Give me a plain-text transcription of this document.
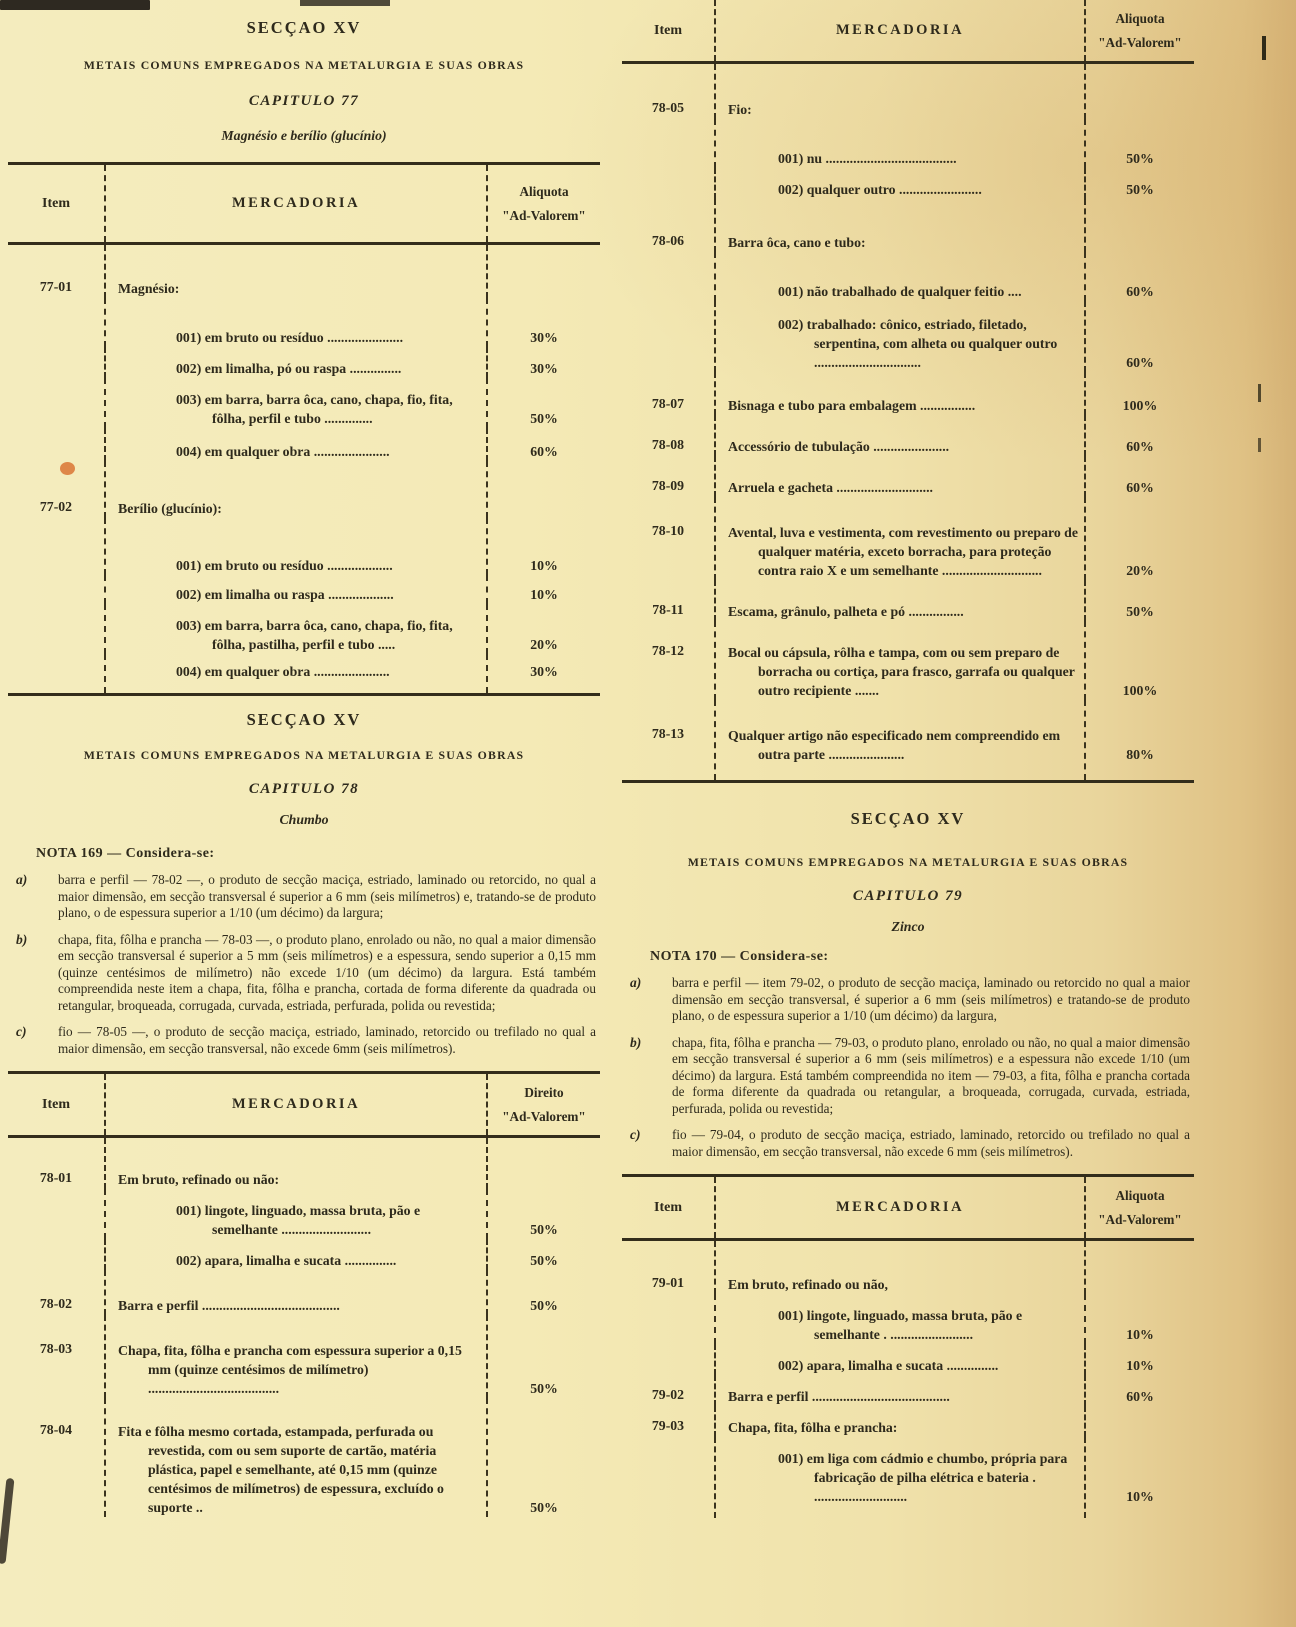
SECÇAO XV
METAIS COMUNS EMPREGADOS NA METALURGIA E SUAS OBRAS
CAPITULO 77
Magnésio e berílio (glucínio)
Item	MERCADORIA
Aliquota
"Ad-Valorem"
77-01	Magnésio:
001) em bruto ou resíduo ......................	30%
002) em limalha, pó ou raspa ...............	30%
003) em barra, barra ôca, cano, chapa, fio, fita, fôlha, perfil e tubo ..............	50%
004) em qualquer obra ......................	60%
77-02	Berílio (glucínio):
001) em bruto ou resíduo ...................	10%
002) em limalha ou raspa ...................	10%
003) em barra, barra ôca, cano, chapa, fio, fita, fôlha, pastilha, perfil e tubo .....	20%
004) em qualquer obra ......................	30%
SECÇAO XV
METAIS COMUNS EMPREGADOS NA METALURGIA E SUAS OBRAS
CAPITULO 78
Chumbo
NOTA 169 — Considera-se:
a)	barra e perfil — 78-02 —, o produto de secção maciça, estriado, laminado ou retorcido, no qual a maior dimensão, em secção transversal é superior a 6 mm (seis milímetros) e, tratando-se de produto plano, o de espessura superior a 1/10 (um décimo) da largura;
b)	chapa, fita, fôlha e prancha — 78-03 —, o produto plano, enrolado ou não, no qual a maior dimensão em secção transversal é superior a 5 mm (seis milímetros) e a espessura, sendo superior a 0,15 mm (quinze centésimos de milímetro) não excede 1/10 (um décimo) da largura. Está também compreendida neste item a chapa, fita, fôlha e prancha, cortada de forma diferente da quadrada ou retangular, broqueada, corrugada, curvada, estriada, perfurada, polida ou revestida;
c)	fio — 78-05 —, o produto de secção maciça, estriado, laminado, retorcido ou trefilado no qual a maior dimensão, em secção transversal, não excede 6mm (seis milímetros).
Item	MERCADORIA
Direito
"Ad-Valorem"
78-01	Em bruto, refinado ou não:
001) lingote, linguado, massa bruta, pão e semelhante ..........................	50%
002) apara, limalha e sucata ...............	50%
78-02	Barra e perfil ........................................	50%
78-03	Chapa, fita, fôlha e prancha com espessura superior a 0,15 mm (quinze centésimos de milímetro) ......................................	50%
78-04	Fita e fôlha mesmo cortada, estampada, perfurada ou revestida, com ou sem suporte de cartão, matéria plástica, papel e semelhante, até 0,15 mm (quinze centésimos de milímetros) de espessura, excluído o suporte ..	50%
Item	MERCADORIA
Aliquota
"Ad-Valorem"
78-05	Fio:
001) nu ......................................	50%
002) qualquer outro ........................	50%
78-06	Barra ôca, cano e tubo:
001) não trabalhado de qualquer feitio ....	60%
002) trabalhado: cônico, estriado, filetado, serpentina, com alheta ou qualquer outro ...............................	60%
78-07	Bisnaga e tubo para embalagem ................	100%
78-08	Accessório de tubulação ......................	60%
78-09	Arruela e gacheta ............................	60%
78-10	Avental, luva e vestimenta, com revestimento ou preparo de qualquer matéria, exceto borracha, para proteção contra raio X e um semelhante .............................	20%
78-11	Escama, grânulo, palheta e pó ................	50%
78-12	Bocal ou cápsula, rôlha e tampa, com ou sem preparo de borracha ou cortiça, para frasco, garrafa ou qualquer outro recipiente .......	100%
78-13	Qualquer artigo não especificado nem compreendido em outra parte ......................	80%
SECÇAO XV
METAIS COMUNS EMPREGADOS NA METALURGIA E SUAS OBRAS
CAPITULO 79
Zinco
NOTA 170 — Considera-se:
a)	barra e perfil — item 79-02, o produto de secção maciça, laminado ou retorcido no qual a maior dimensão em secção transversal, é superior a 6 mm (seis milímetros) e tratando-se de produto plano, o de espessura superior a 1/10 (um décimo) da largura,
b)	chapa, fita, fôlha e prancha — 79-03, o produto plano, enrolado ou não, no qual a maior dimensão em secção transversal é superior a 6 mm (seis milímetros) e a espessura não excede 1/10 (um décimo) da largura. Está também compreendida no item — 79-03, a fita, fôlha e prancha cortada de forma diferente da quadrada ou retangular, a broqueada, corrugada, curvada, estriada, perfurada, polida ou revestida;
c)	fio — 79-04, o produto de secção maciça, estriado, laminado, retorcido ou trefilado no qual a maior dimensão, em secção transversal, não excede 6 mm (seis milímetros).
Item	MERCADORIA
Aliquota
"Ad-Valorem"
79-01	Em bruto, refinado ou não,
001) lingote, linguado, massa bruta, pão e semelhante . ........................	10%
002) apara, limalha e sucata ...............	10%
79-02	Barra e perfil ........................................	60%
79-03	Chapa, fita, fôlha e prancha:
001) em liga com cádmio e chumbo, própria para fabricação de pilha elétrica e bateria . ...........................	10%
